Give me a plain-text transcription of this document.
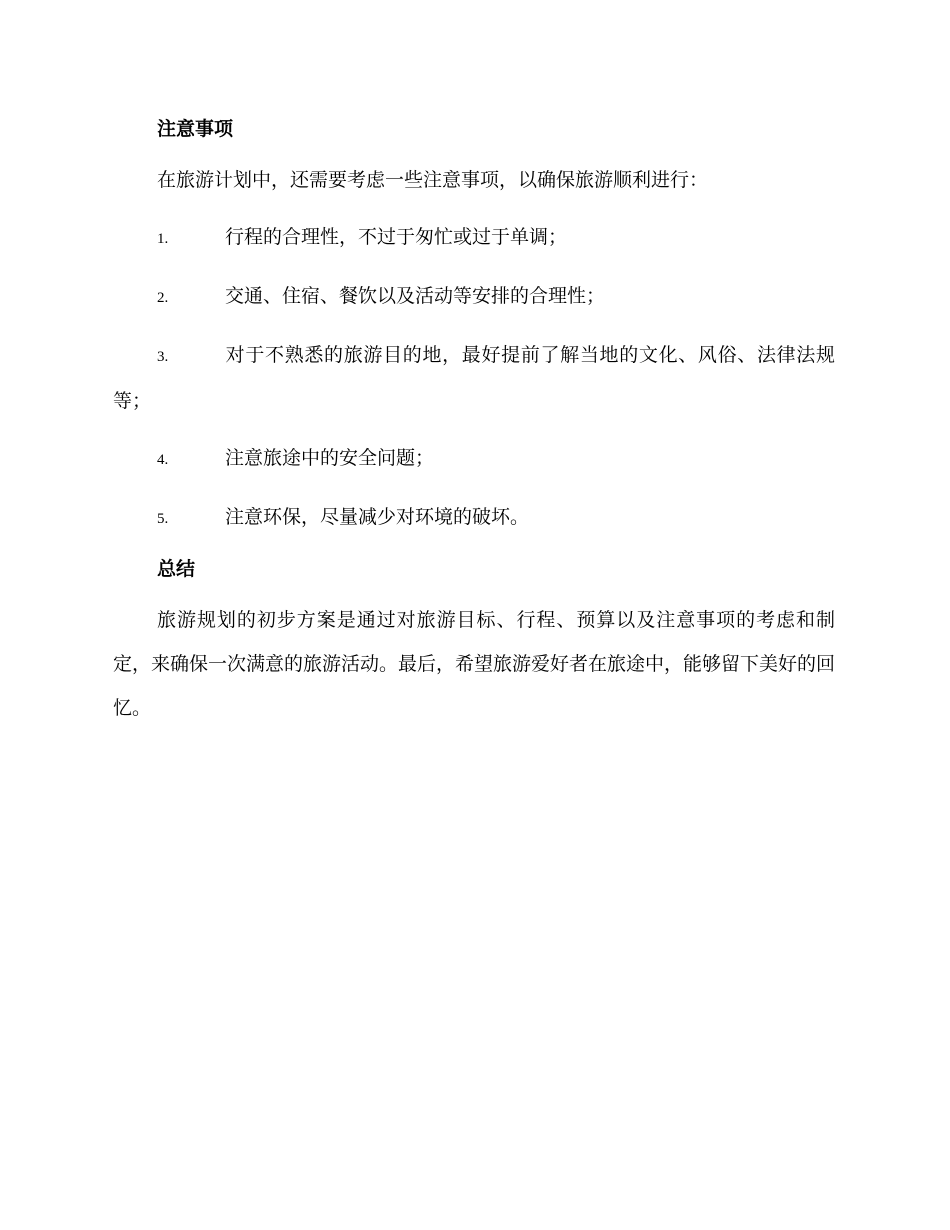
注意事项

在旅游计划中，还需要考虑一些注意事项，以确保旅游顺利进行：

1.	行程的合理性，不过于匆忙或过于单调；
2.	交通、住宿、餐饮以及活动等安排的合理性；
3.	对于不熟悉的旅游目的地，最好提前了解当地的文化、风俗、法律法规等；
4.	注意旅途中的安全问题；
5.	注意环保，尽量减少对环境的破坏。
总结

旅游规划的初步方案是通过对旅游目标、行程、预算以及注意事项的考虑和制定，来确保一次满意的旅游活动。最后，希望旅游爱好者在旅途中，能够留下美好的回忆。
